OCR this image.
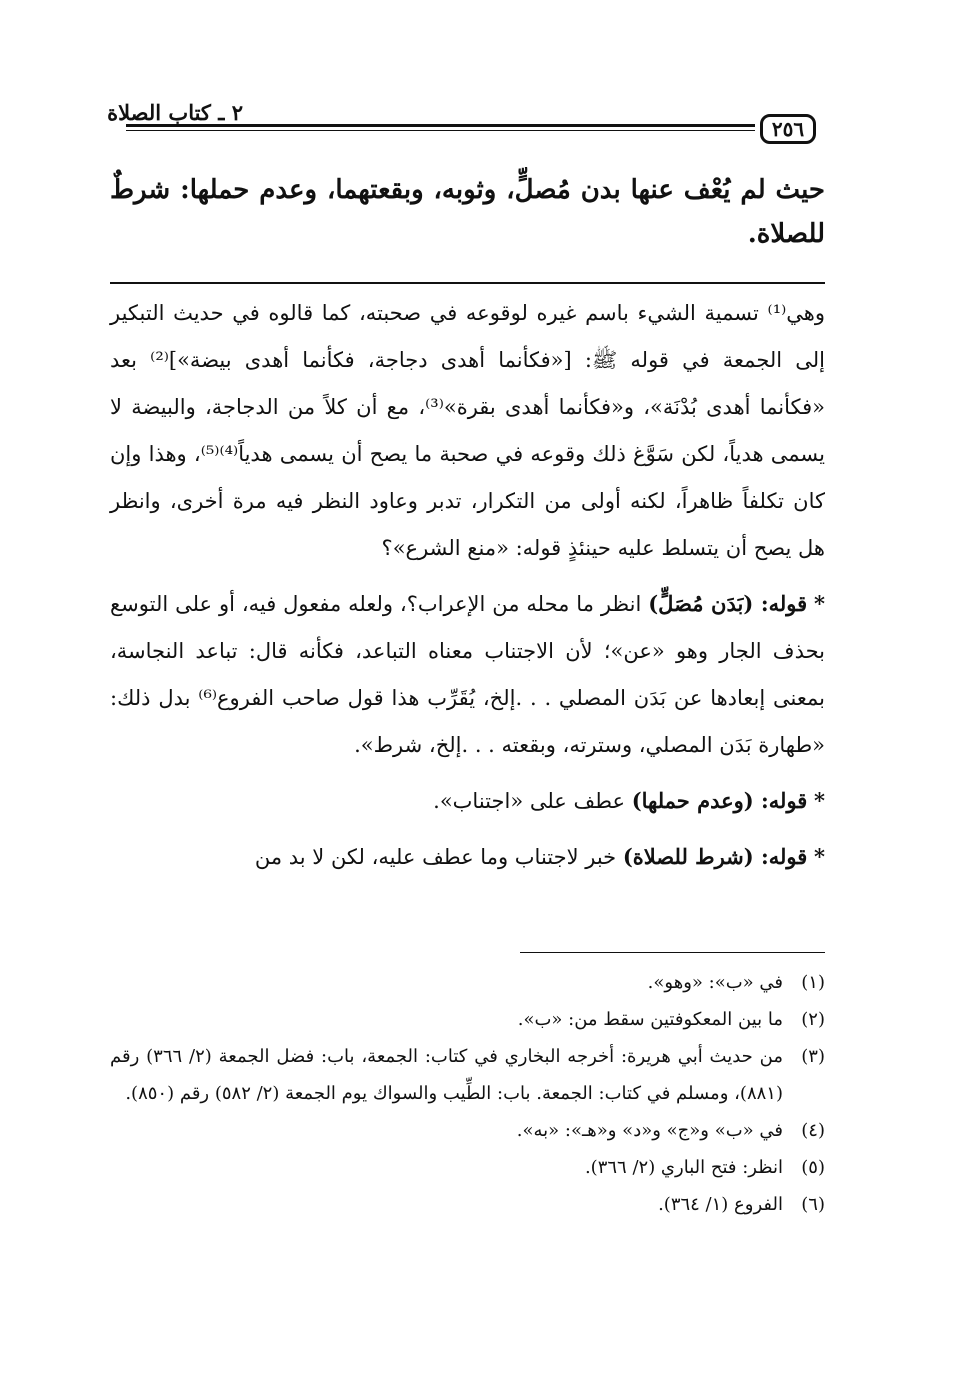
٢ ـ كتاب الصلاة
٢٥٦
حيث لم يُعْف عنها بدن مُصلٍّ، وثوبه، وبقعتهما، وعدم حملها: شرطٌ للصلاة.

وهي⁽¹⁾ تسمية الشيء باسم غيره لوقوعه في صحبته، كما قالوه في حديث التبكير إلى الجمعة في قوله ﷺ: [«فكأنما أهدى دجاجة، فكأنما أهدى بيضة»]⁽²⁾ بعد «فكأنما أهدى بُدْنَة»، و«فكأنما أهدى بقرة»⁽³⁾، مع أن كلاً من الدجاجة، والبيضة لا يسمى هدياً، لكن سَوَّغ ذلك وقوعه في صحبة ما يصح أن يسمى هدياً⁽⁴⁾⁽⁵⁾، وهذا وإن كان تكلفاً ظاهراً، لكنه أولى من التكرار، تدبر وعاود النظر فيه مرة أخرى، وانظر هل يصح أن يتسلط عليه حينئذٍ قوله: «منع الشرع»؟

* قوله: (بَدَن مُصَلٍّ) انظر ما محله من الإعراب؟، ولعله مفعول فيه، أو على التوسع بحذف الجار وهو «عن»؛ لأن الاجتناب معناه التباعد، فكأنه قال: تباعد النجاسة، بمعنى إبعادها عن بَدَن المصلي . . .إلخ، يُقَرِّب هذا قول صاحب الفروع⁽⁶⁾ بدل ذلك: «طهارة بَدَن المصلي، وسترته، وبقعته . . .إلخ، شرط».

* قوله: (وعدم حملها) عطف على «اجتناب».

* قوله: (شرط للصلاة) خبر لاجتناب وما عطف عليه، لكن لا بد من

(١)
في «ب»: «وهو».
(٢)
ما بين المعكوفتين سقط من: «ب».
(٣)
من حديث أبي هريرة: أخرجه البخاري في كتاب: الجمعة، باب: فضل الجمعة (٢/ ٣٦٦) رقم (٨٨١)، ومسلم في كتاب: الجمعة. باب: الطِّيب والسواك يوم الجمعة (٢/ ٥٨٢) رقم (٨٥٠).
(٤)
في «ب» و«ج» و«د» و«هـ»: «به».
(٥)
انظر: فتح الباري (٢/ ٣٦٦).
(٦)
الفروع (١/ ٣٦٤).
